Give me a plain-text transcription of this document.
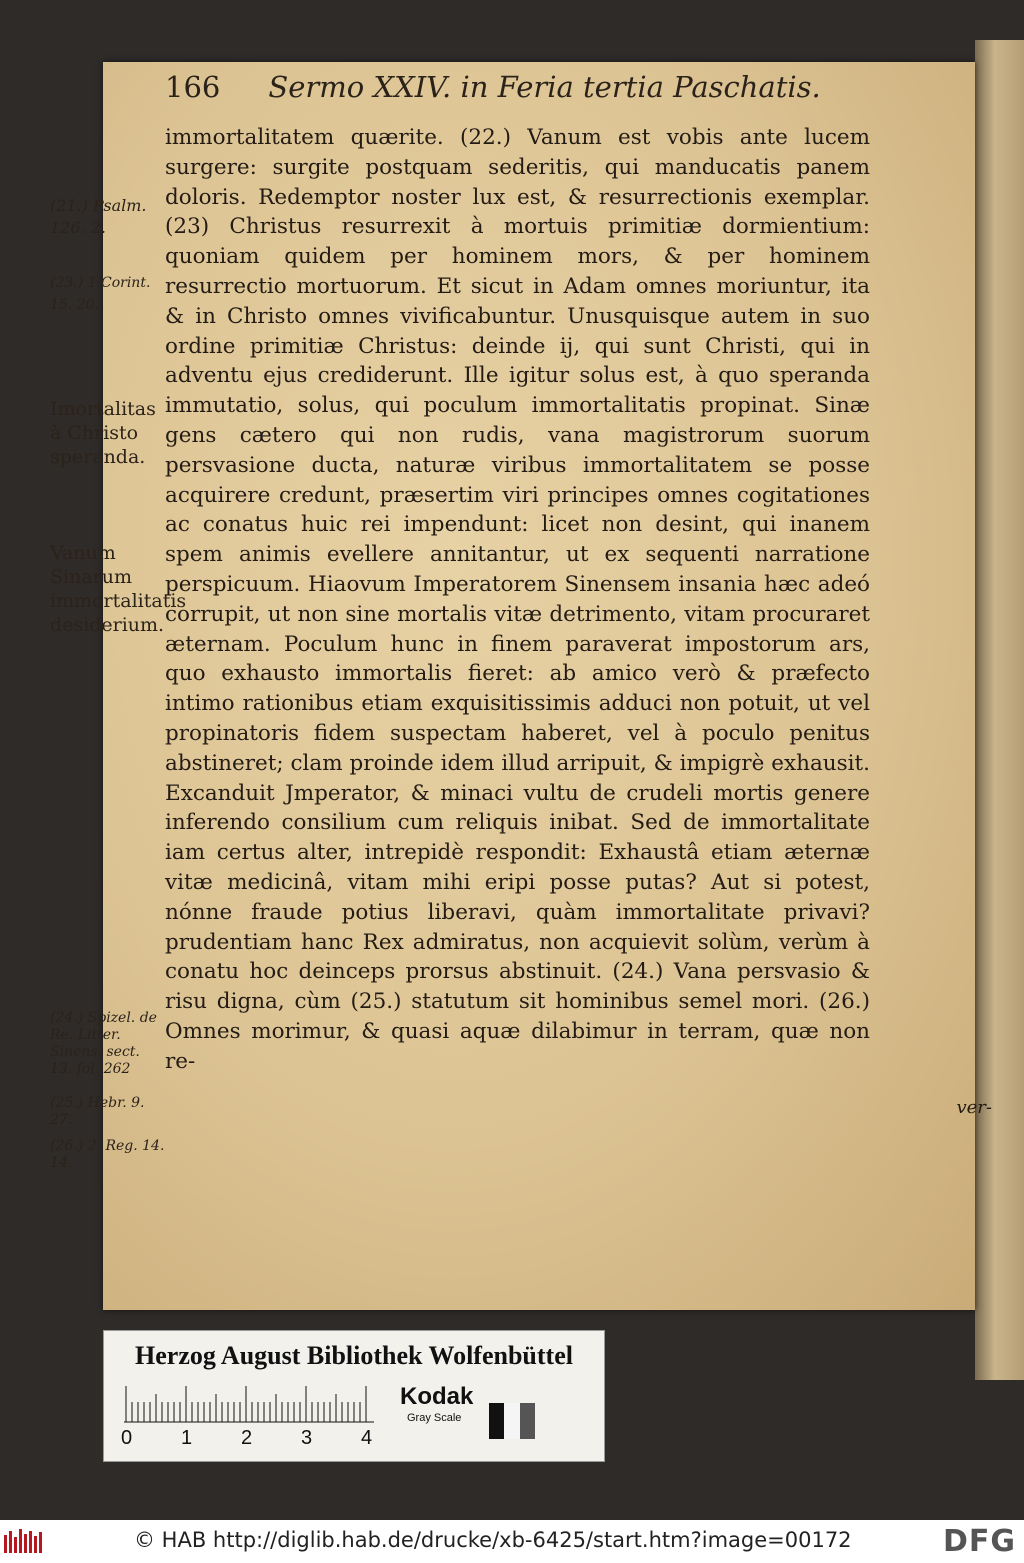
166 Sermo XXIV. in Feria tertia Paschatis.
(21.) Psalm. 126. 2.
(23.) 1 Corint. 15. 20.
Imortalitas à Christo speranda.
Vanum Sinarum immortalitatis desiderium.
(24.) Spizel. de Re. Litter. Sinens. sect. 13. fol. 262
(25.) Hebr. 9. 27.
(26.) 2. Reg. 14. 14.

immortalitatem quærite. (22.) Vanum est vobis ante lucem surgere: surgite postquam sederitis, qui manducatis panem doloris. Redemptor noster lux est, & resurrectionis exemplar. (23) Christus resurrexit à mortuis primitiæ dormientium: quoniam quidem per hominem mors, & per hominem resurrectio mortuorum. Et sicut in Adam omnes moriuntur, ita & in Christo omnes vivificabuntur. Unusquisque autem in suo ordine primitiæ Christus: deinde ij, qui sunt Christi, qui in adventu ejus crediderunt. Ille igitur solus est, à quo speranda immutatio, solus, qui poculum immortalitatis propinat. Sinæ gens cætero qui non rudis, vana magistrorum suorum persvasione ducta, naturæ viribus immortalitatem se posse acquirere credunt, præsertim viri principes omnes cogitationes ac conatus huic rei impendunt: licet non desint, qui inanem spem animis evellere annitantur, ut ex sequenti narratione perspicuum. Hiaovum Imperatorem Sinensem insania hæc adeó corrupit, ut non sine mortalis vitæ detrimento, vitam procuraret æternam. Poculum hunc in finem paraverat impostorum ars, quo exhausto immortalis fieret: ab amico verò & præfecto intimo rationibus etiam exquisitissimis adduci non potuit, ut vel propinatoris fidem suspectam haberet, vel à poculo penitus abstineret; clam proinde idem illud arripuit, & impigrè exhausit. Excanduit Jmperator, & minaci vultu de crudeli mortis genere inferendo consilium cum reliquis inibat. Sed de immortalitate iam certus alter, intrepidè respondit: Exhaustâ etiam æternæ vitæ medicinâ, vitam mihi eripi posse putas? Aut si potest, nónne fraude potius liberavi, quàm immortalitate privavi? prudentiam hanc Rex admiratus, non acquievit solùm, verùm à conatu hoc deinceps prorsus abstinuit. (24.) Vana persvasio & risu digna, cùm (25.) statutum sit hominibus semel mori. (26.) Omnes morimur, & quasi aquæ dilabimur in terram, quæ non re-

ver-
Herzog August Bibliothek Wolfenbüttel
0 1 2 3 4
Kodak
Gray Scale
© HAB http://diglib.hab.de/drucke/xb-6425/start.htm?image=00172	DFG
